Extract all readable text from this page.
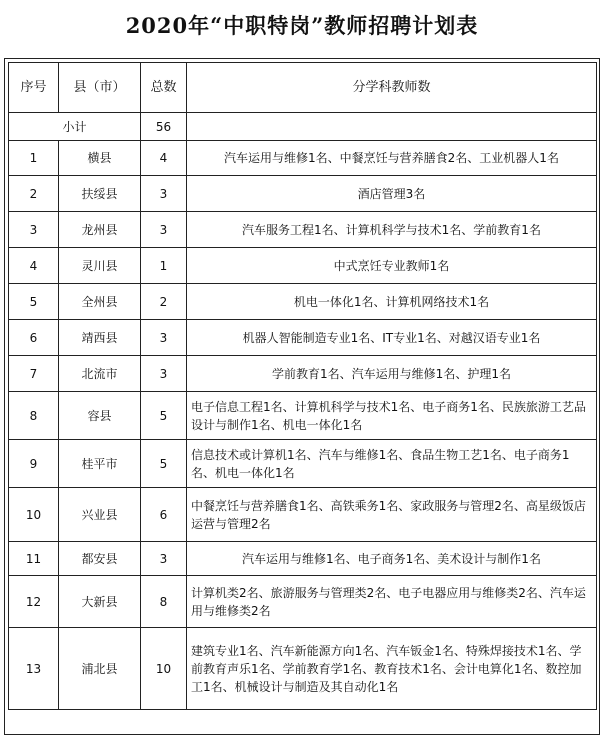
2020年“中职特岗”教师招聘计划表
序号	县（市）	总数	分学科教师数
小计		56	
1	横县	4	汽车运用与维修1名、中餐烹饪与营养膳食2名、工业机器人1名
2	扶绥县	3	酒店管理3名
3	龙州县	3	汽车服务工程1名、计算机科学与技术1名、学前教育1名
4	灵川县	1	中式烹饪专业教师1名
5	全州县	2	机电一体化1名、计算机网络技术1名
6	靖西县	3	机器人智能制造专业1名、IT专业1名、对越汉语专业1名
7	北流市	3	学前教育1名、汽车运用与维修1名、护理1名
8	容县	5	电子信息工程1名、计算机科学与技术1名、电子商务1名、民族旅游工艺品设计与制作1名、机电一体化1名
9	桂平市	5	信息技术或计算机1名、汽车与维修1名、食品生物工艺1名、电子商务1名、机电一体化1名
10	兴业县	6	中餐烹饪与营养膳食1名、高铁乘务1名、家政服务与管理2名、高星级饭店运营与管理2名
11	都安县	3	汽车运用与维修1名、电子商务1名、美术设计与制作1名
12	大新县	8	计算机类2名、旅游服务与管理类2名、电子电器应用与维修类2名、汽车运用与维修类2名
13	浦北县	10	建筑专业1名、汽车新能源方向1名、汽车钣金1名、特殊焊接技术1名、学前教育声乐1名、学前教育学1名、教育技术1名、会计电算化1名、数控加工1名、机械设计与制造及其自动化1名
